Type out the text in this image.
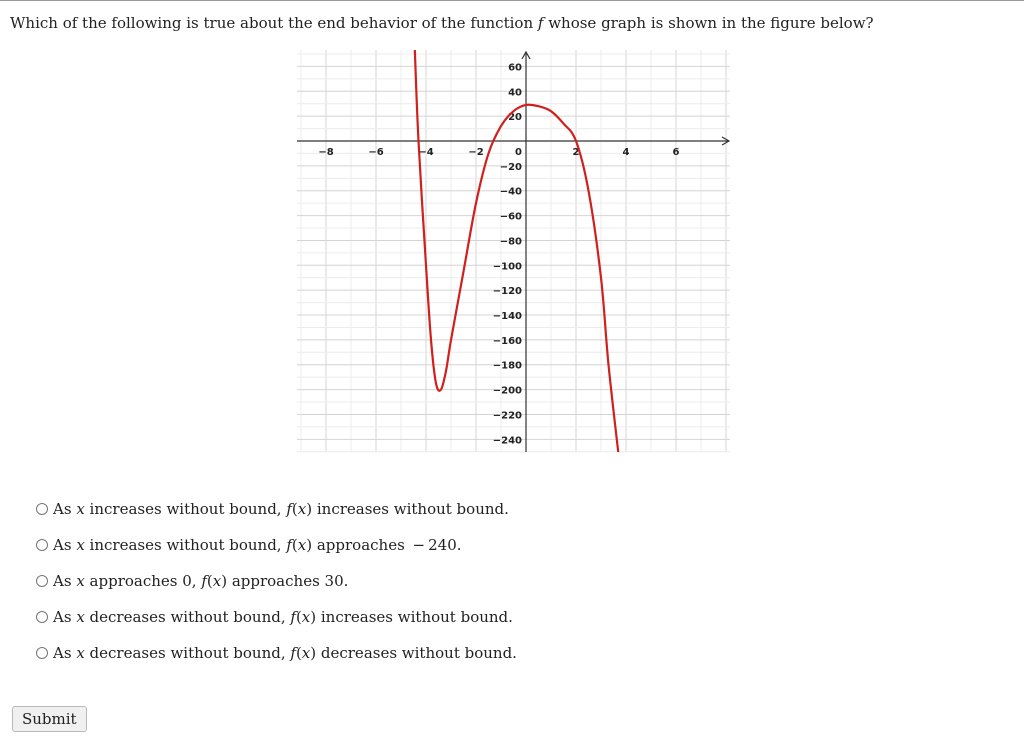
Which of the following is true about the end behavior of the function f whose graph is shown in the figure below?
−8	−6	−4	−2	2	4	6
60
40
20
0
−20
−40
−60
−80
−100
−120
−140
−160
−180
−200
−220
−240
As x increases without bound, f(x) increases without bound.
As x increases without bound, f(x) approaches  − 240.
As x approaches 0, f(x) approaches 30.
As x decreases without bound, f(x) increases without bound.
As x decreases without bound, f(x) decreases without bound.
Submit
